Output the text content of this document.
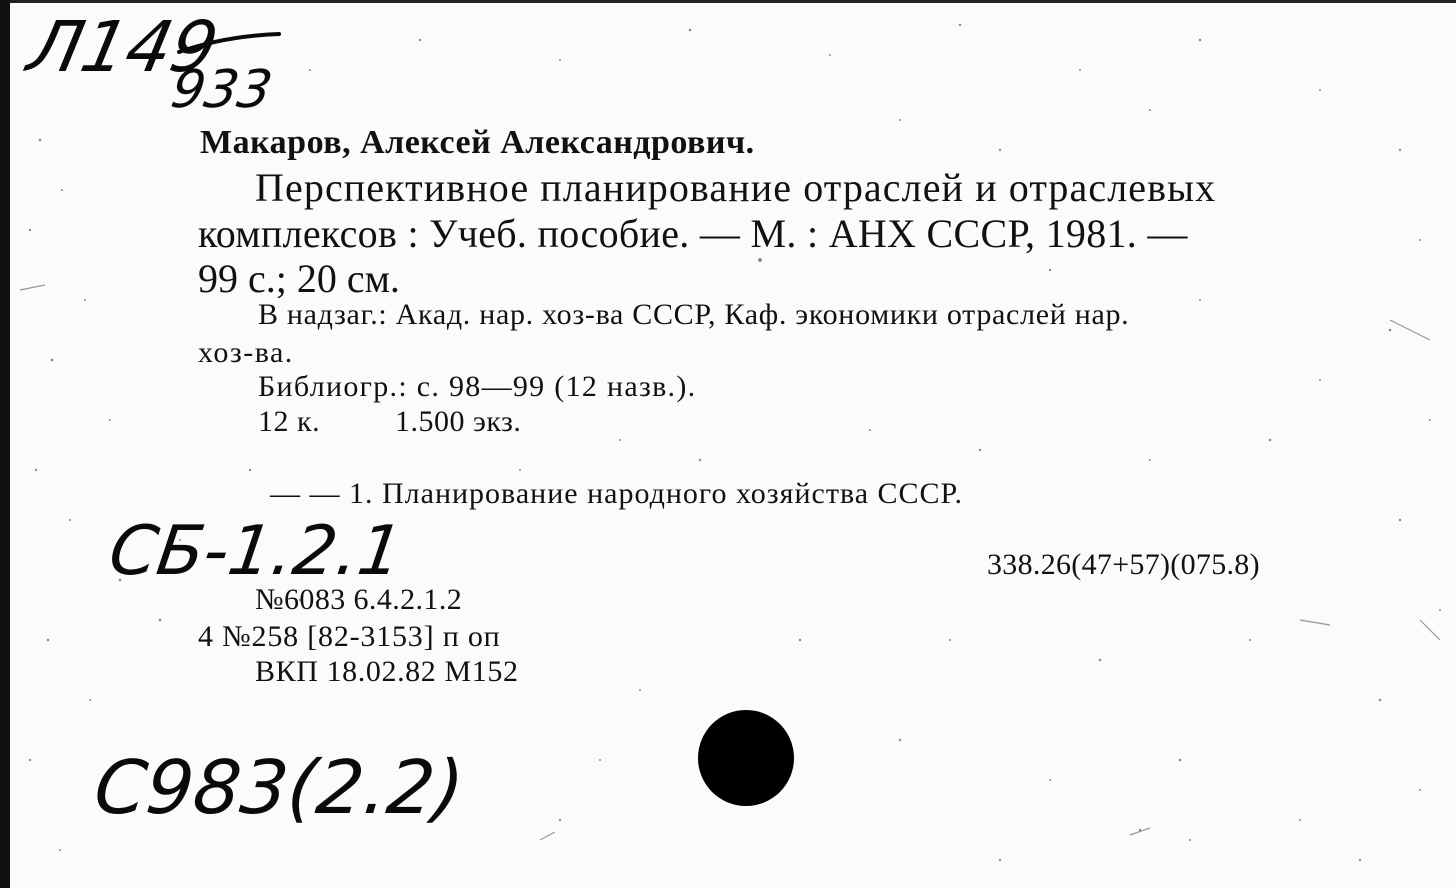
Л149
933
Макаров, Алексей Александрович.
Перспективное планирование отраслей и отраслевых
комплексов : Учеб. пособие. — М. : АНХ СССР, 1981. —
99 с.; 20 см.
В надзаг.: Акад. нар. хоз-ва СССР, Каф. экономики отраслей нар.
хоз-ва.
Библиогр.: с. 98—99 (12 назв.).
12 к. 1.500 экз.
— — 1. Планирование народного хозяйства СССР.
СБ-1.2.1	338.26(47+57)(075.8)
№6083 6.4.2.1.2
4 №258 [82-3153] п оп
ВКП 18.02.82 М152
С983(2.2)
